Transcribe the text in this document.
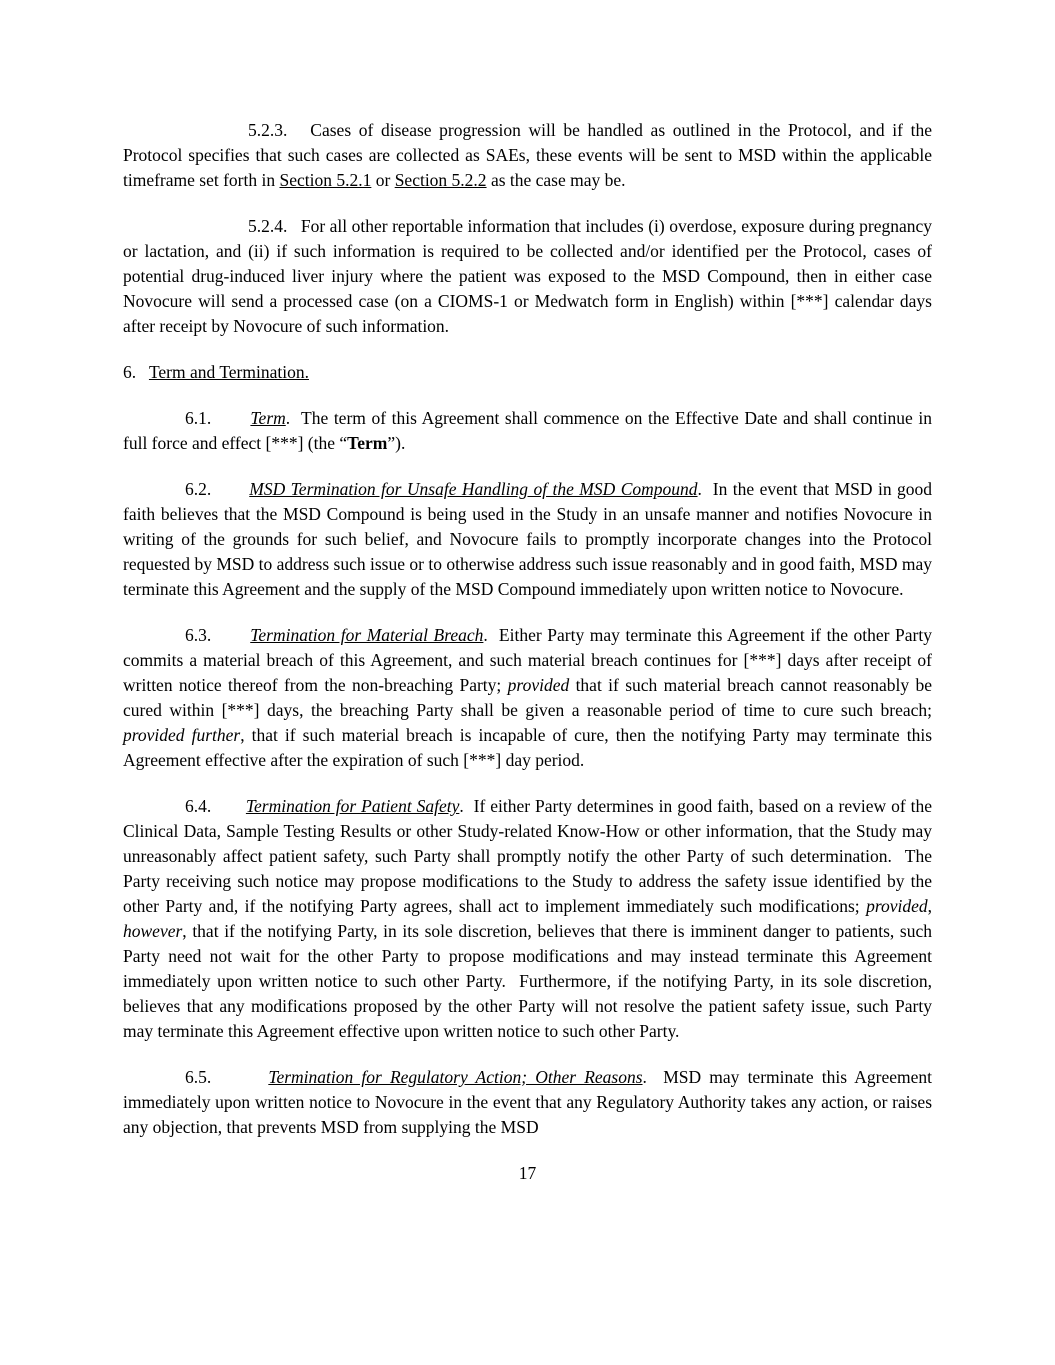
5.2.3.   Cases of disease progression will be handled as outlined in the Protocol, and if the Protocol specifies that such cases are collected as SAEs, these events will be sent to MSD within the applicable timeframe set forth in Section 5.2.1 or Section 5.2.2 as the case may be.

5.2.4.   For all other reportable information that includes (i) overdose, exposure during pregnancy or lactation, and (ii) if such information is required to be collected and/or identified per the Protocol, cases of potential drug-induced liver injury where the patient was exposed to the MSD Compound, then in either case Novocure will send a processed case (on a CIOMS-1 or Medwatch form in English) within [***] calendar days after receipt by Novocure of such information.

6.   Term and Termination.

6.1.       Term.  The term of this Agreement shall commence on the Effective Date and shall continue in full force and effect [***] (the “Term”).

6.2.       MSD Termination for Unsafe Handling of the MSD Compound.  In the event that MSD in good faith believes that the MSD Compound is being used in the Study in an unsafe manner and notifies Novocure in writing of the grounds for such belief, and Novocure fails to promptly incorporate changes into the Protocol requested by MSD to address such issue or to otherwise address such issue reasonably and in good faith, MSD may terminate this Agreement and the supply of the MSD Compound immediately upon written notice to Novocure.

6.3.       Termination for Material Breach.  Either Party may terminate this Agreement if the other Party commits a material breach of this Agreement, and such material breach continues for [***] days after receipt of written notice thereof from the non-breaching Party; provided that if such material breach cannot reasonably be cured within [***] days, the breaching Party shall be given a reasonable period of time to cure such breach; provided further, that if such material breach is incapable of cure, then the notifying Party may terminate this Agreement effective after the expiration of such [***] day period.

6.4.       Termination for Patient Safety.  If either Party determines in good faith, based on a review of the Clinical Data, Sample Testing Results or other Study-related Know-How or other information, that the Study may unreasonably affect patient safety, such Party shall promptly notify the other Party of such determination.  The Party receiving such notice may propose modifications to the Study to address the safety issue identified by the other Party and, if the notifying Party agrees, shall act to implement immediately such modifications; provided, however, that if the notifying Party, in its sole discretion, believes that there is imminent danger to patients, such Party need not wait for the other Party to propose modifications and may instead terminate this Agreement immediately upon written notice to such other Party.  Furthermore, if the notifying Party, in its sole discretion, believes that any modifications proposed by the other Party will not resolve the patient safety issue, such Party may terminate this Agreement effective upon written notice to such other Party.

6.5.       Termination for Regulatory Action; Other Reasons.  MSD may terminate this Agreement immediately upon written notice to Novocure in the event that any Regulatory Authority takes any action, or raises any objection, that prevents MSD from supplying the MSD

17
